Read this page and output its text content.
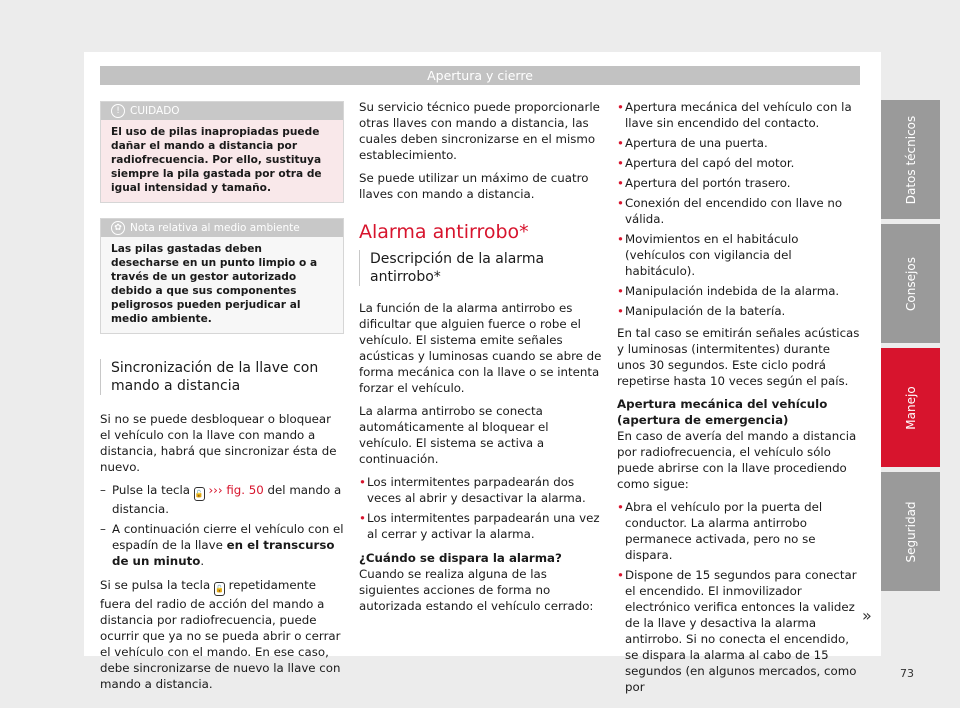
Apertura y cierre
Datos técnicos
Consejos
Manejo
Seguridad
! CUIDADO
El uso de pilas inapropiadas puede dañar el mando a distancia por radiofrecuencia. Por ello, sustituya siempre la pila gastada por otra de igual intensidad y tamaño.
✿ Nota relativa al medio ambiente
Las pilas gastadas deben desecharse en un punto limpio o a través de un gestor autorizado debido a que sus componentes peligrosos pueden perjudicar al medio ambiente.
Sincronización de la llave con mando a distancia

Si no se puede desbloquear o bloquear el vehículo con la llave con mando a distancia, habrá que sincronizar ésta de nuevo.

– Pulse la tecla 🔓 ››› fig. 50 del mando a distancia.
– A continuación cierre el vehículo con el espadín de la llave en el transcurso de un minuto.

Si se pulsa la tecla 🔓 repetidamente fuera del radio de acción del mando a distancia por radiofrecuencia, puede ocurrir que ya no se pueda abrir o cerrar el vehículo con el mando. En ese caso, debe sincronizarse de nuevo la llave con mando a distancia.

Su servicio técnico puede proporcionarle otras llaves con mando a distancia, las cuales deben sincronizarse en el mismo establecimiento.

Se puede utilizar un máximo de cuatro llaves con mando a distancia.

Alarma antirrobo*
Descripción de la alarma antirrobo*

La función de la alarma antirrobo es dificultar que alguien fuerce o robe el vehículo. El sistema emite señales acústicas y luminosas cuando se abre de forma mecánica con la llave o se intenta forzar el vehículo.

La alarma antirrobo se conecta automáticamente al bloquear el vehículo. El sistema se activa a continuación.

• Los intermitentes parpadearán dos veces al abrir y desactivar la alarma.
• Los intermitentes parpadearán una vez al cerrar y activar la alarma.

¿Cuándo se dispara la alarma?

Cuando se realiza alguna de las siguientes acciones de forma no autorizada estando el vehículo cerrado:

• Apertura mecánica del vehículo con la llave sin encendido del contacto.
• Apertura de una puerta.
• Apertura del capó del motor.
• Apertura del portón trasero.
• Conexión del encendido con llave no válida.
• Movimientos en el habitáculo (vehículos con vigilancia del habitáculo).
• Manipulación indebida de la alarma.
• Manipulación de la batería.

En tal caso se emitirán señales acústicas y luminosas (intermitentes) durante unos 30 segundos. Este ciclo podrá repetirse hasta 10 veces según el país.

Apertura mecánica del vehículo (apertura de emergencia)

En caso de avería del mando a distancia por radiofrecuencia, el vehículo sólo puede abrirse con la llave procediendo como sigue:

• Abra el vehículo por la puerta del conductor. La alarma antirrobo permanece activada, pero no se dispara.
• Dispone de 15 segundos para conectar el encendido. El inmovilizador electrónico verifica entonces la validez de la llave y desactiva la alarma antirrobo. Si no conecta el encendido, se dispara la alarma al cabo de 15 segundos (en algunos mercados, como por
»
73
